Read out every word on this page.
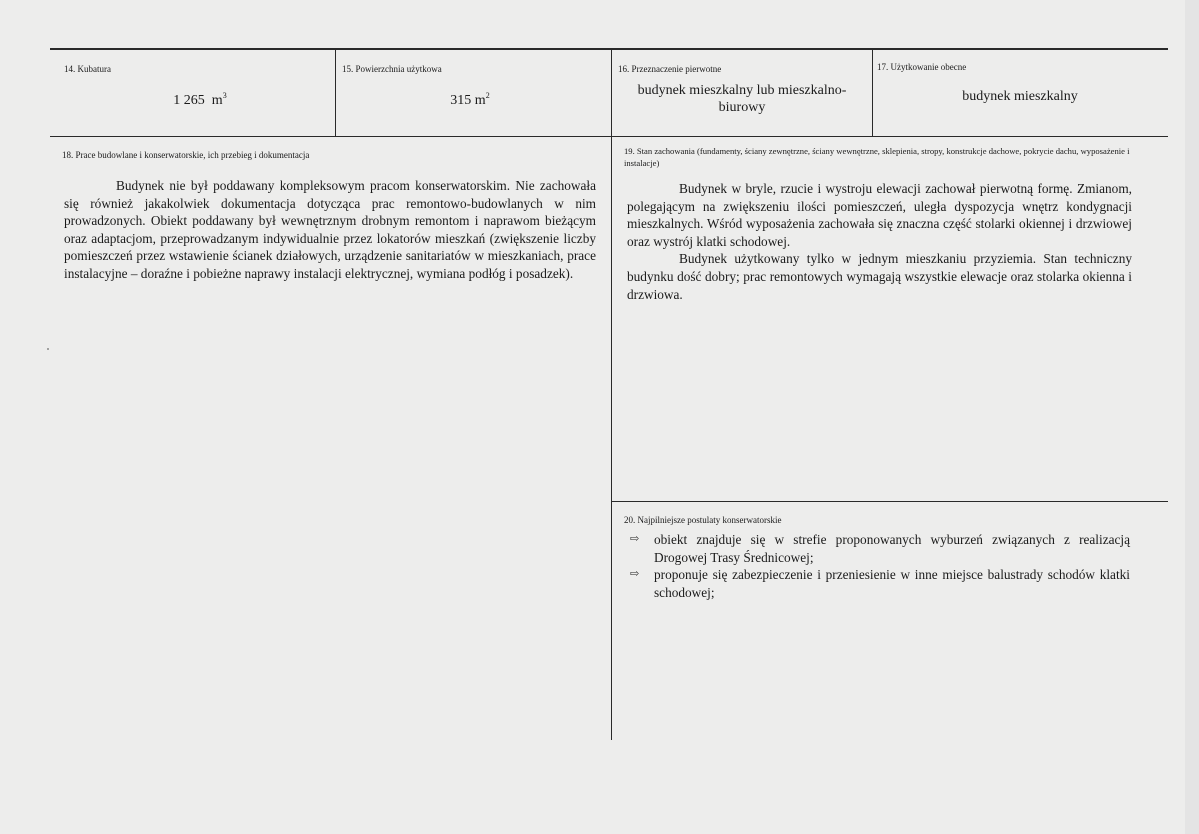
14. Kubatura
1 265 $m^3$
15. Powierzchnia użytkowa
315 $m^2$
16. Przeznaczenie pierwotne
budynek mieszkalny lub mieszkalno-biurowy
17. Użytkowanie obecne
budynek mieszkalny
18. Prace budowlane i konserwatorskie, ich przebieg i dokumentacja

Budynek nie był poddawany kompleksowym pracom konserwatorskim. Nie zachowała się również jakakolwiek dokumentacja dotycząca prac remontowo-budowlanych w nim prowadzonych. Obiekt poddawany był wewnętrznym drobnym remontom i naprawom bieżącym oraz adaptacjom, przeprowadzanym indywidualnie przez lokatorów mieszkań (zwiększenie liczby pomieszczeń przez wstawienie ścianek działowych, urządzenie sanitariatów w mieszkaniach, prace instalacyjne – doraźne i pobieżne naprawy instalacji elektrycznej, wymiana podłóg i posadzek).

19. Stan zachowania (fundamenty, ściany zewnętrzne, ściany wewnętrzne, sklepienia, stropy, konstrukcje dachowe, pokrycie dachu, wyposażenie i instalacje)

Budynek w bryle, rzucie i wystroju elewacji zachował pierwotną formę. Zmianom, polegającym na zwiększeniu ilości pomieszczeń, uległa dyspozycja wnętrz kondygnacji mieszkalnych. Wśród wyposażenia zachowała się znaczna część stolarki okiennej i drzwiowej oraz wystrój klatki schodowej.

Budynek użytkowany tylko w jednym mieszkaniu przyziemia. Stan techniczny budynku dość dobry; prac remontowych wymagają wszystkie elewacje oraz stolarka okienna i drzwiowa.

20. Najpilniejsze postulaty konserwatorskie
⇨	obiekt znajduje się w strefie proponowanych wyburzeń związanych z realizacją Drogowej Trasy Średnicowej;
⇨	proponuje się zabezpieczenie i przeniesienie w inne miejsce balustrady schodów klatki schodowej;
